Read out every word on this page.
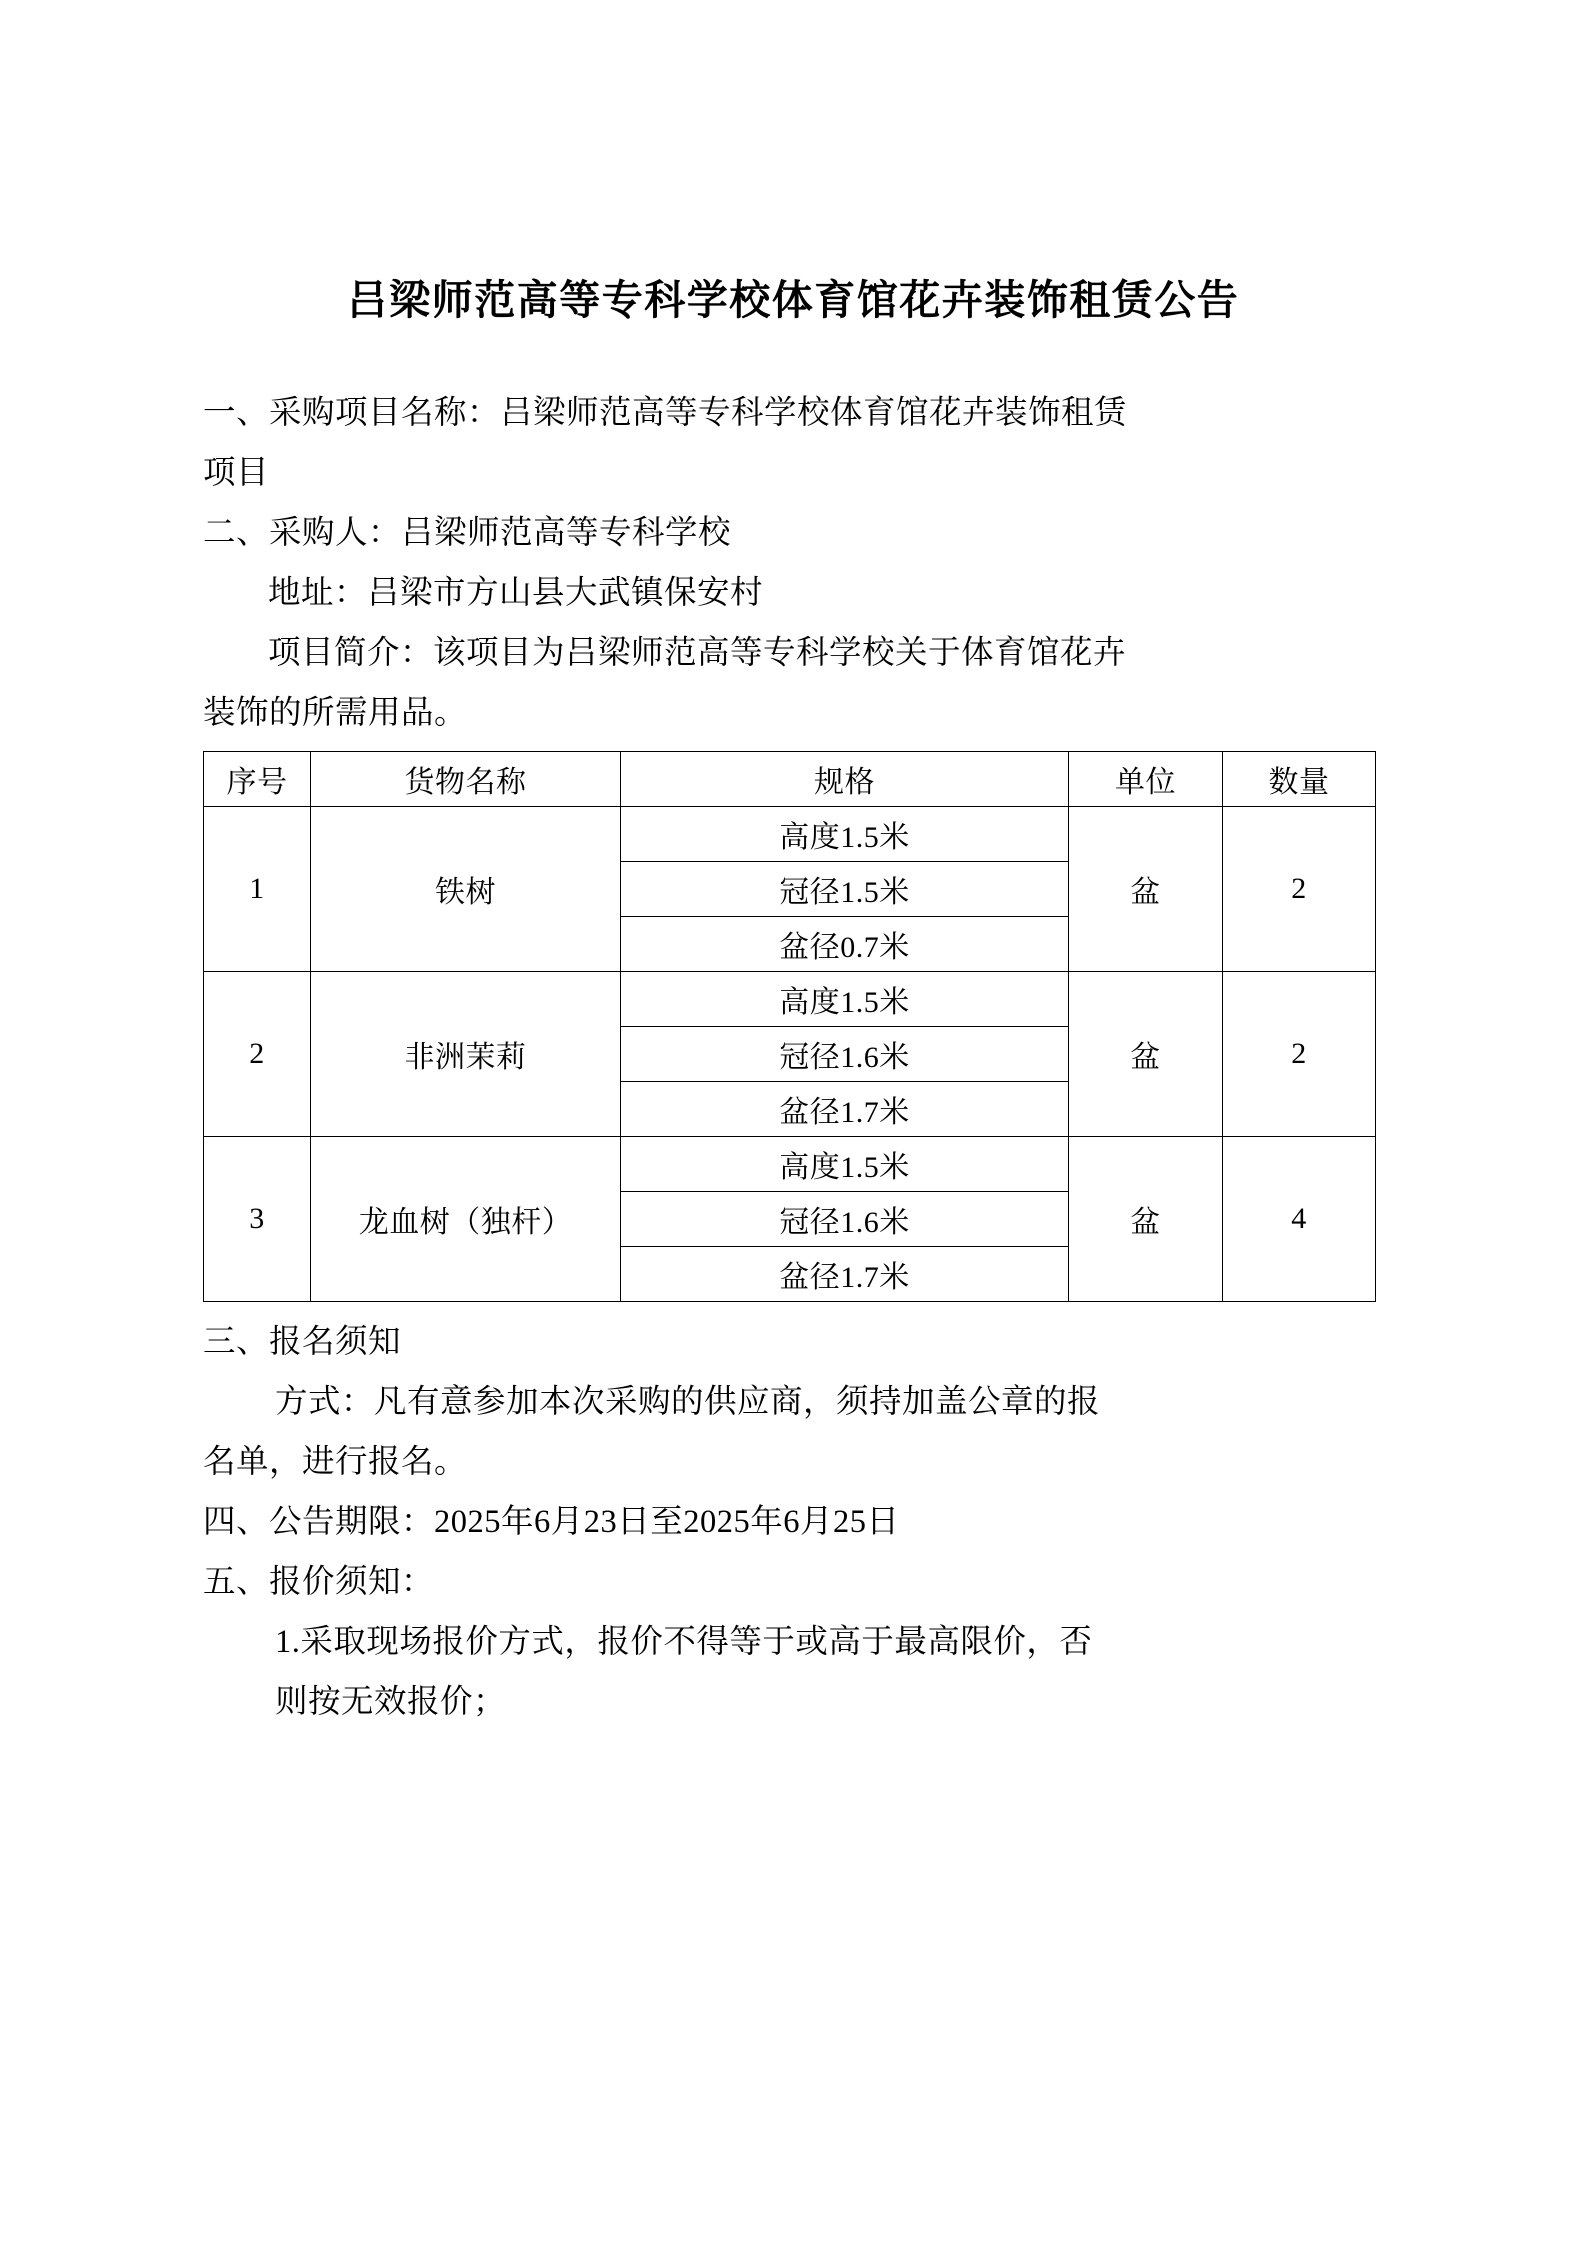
吕梁师范高等专科学校体育馆花卉装饰租赁公告

一、采购项目名称：吕梁师范高等专科学校体育馆花卉装饰租赁
项目

二、采购人：吕梁师范高等专科学校

地址：吕梁市方山县大武镇保安村

项目简介：该项目为吕梁师范高等专科学校关于体育馆花卉

装饰的所需用品。

序号	货物名称	规格	单位	数量
1	铁树	高度1.5米	盆	2
		冠径1.5米		
		盆径0.7米		
2	非洲茉莉	高度1.5米	盆	2
		冠径1.6米		
		盆径1.7米		
3	龙血树（独杆）	高度1.5米	盆	4
		冠径1.6米		
		盆径1.7米		

三、报名须知

方式：凡有意参加本次采购的供应商，须持加盖公章的报

名单，进行报名。

四、公告期限：2025年6月23日至2025年6月25日

五、报价须知：

1.采取现场报价方式，报价不得等于或高于最高限价，否

则按无效报价；
